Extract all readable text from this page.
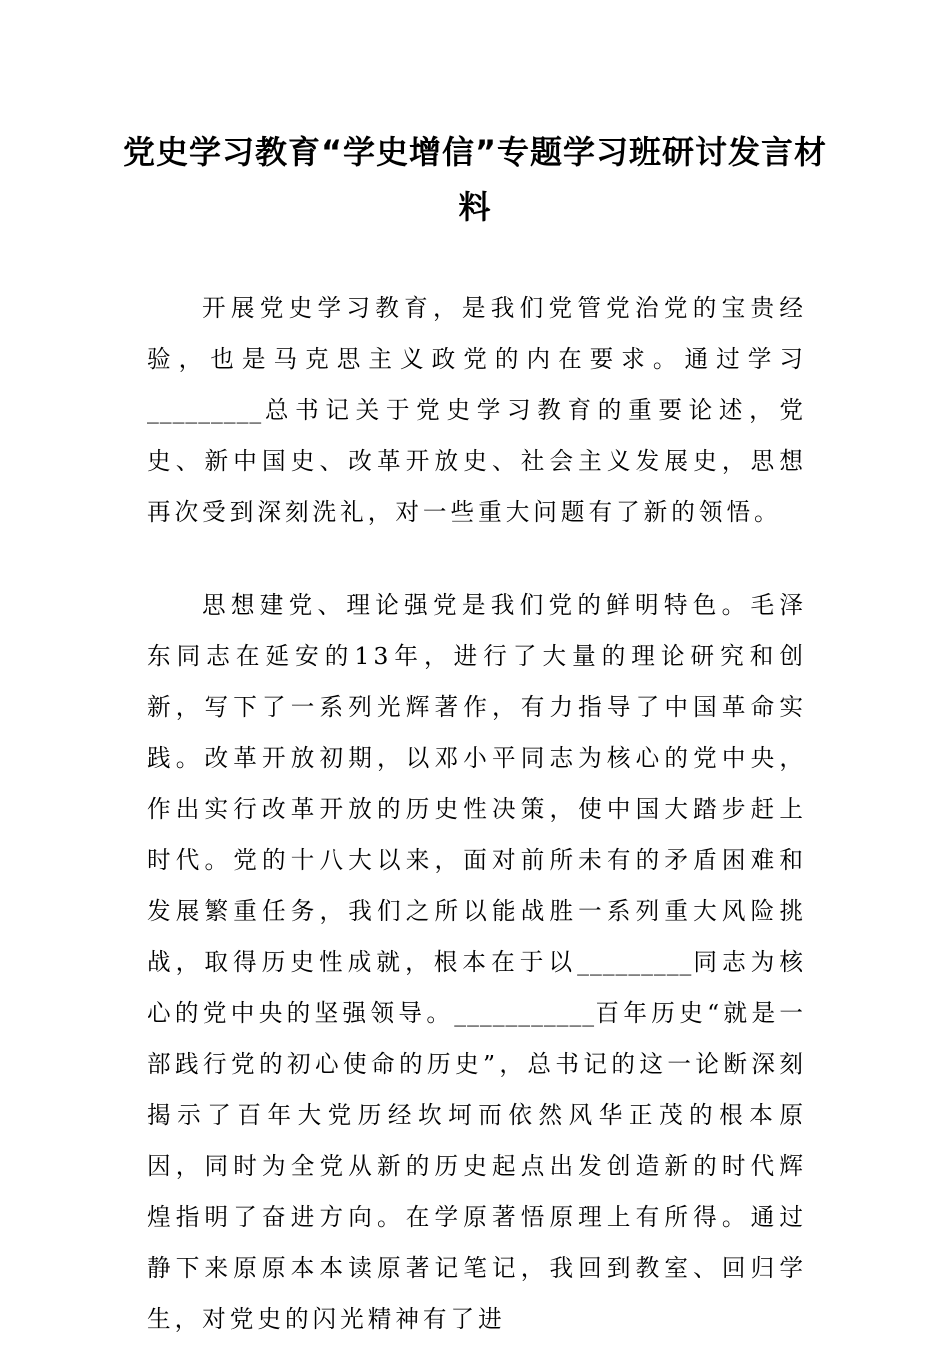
党史学习教育“学史增信”专题学习班研讨发言材料

开展党史学习教育，是我们党管党治党的宝贵经验，也是马克思主义政党的内在要求。通过学习_________总书记关于党史学习教育的重要论述，党史、新中国史、改革开放史、社会主义发展史，思想再次受到深刻洗礼，对一些重大问题有了新的领悟。

思想建党、理论强党是我们党的鲜明特色。毛泽东同志在延安的13年，进行了大量的理论研究和创新，写下了一系列光辉著作，有力指导了中国革命实践。改革开放初期，以邓小平同志为核心的党中央，作出实行改革开放的历史性决策，使中国大踏步赶上时代。党的十八大以来，面对前所未有的矛盾困难和发展繁重任务，我们之所以能战胜一系列重大风险挑战，取得历史性成就，根本在于以_________同志为核心的党中央的坚强领导。___________百年历史“就是一部践行党的初心使命的历史”，总书记的这一论断深刻揭示了百年大党历经坎坷而依然风华正茂的根本原因，同时为全党从新的历史起点出发创造新的时代辉煌指明了奋进方向。在学原著悟原理上有所得。通过静下来原原本本读原著记笔记，我回到教室、回归学生，对党史的闪光精神有了进
